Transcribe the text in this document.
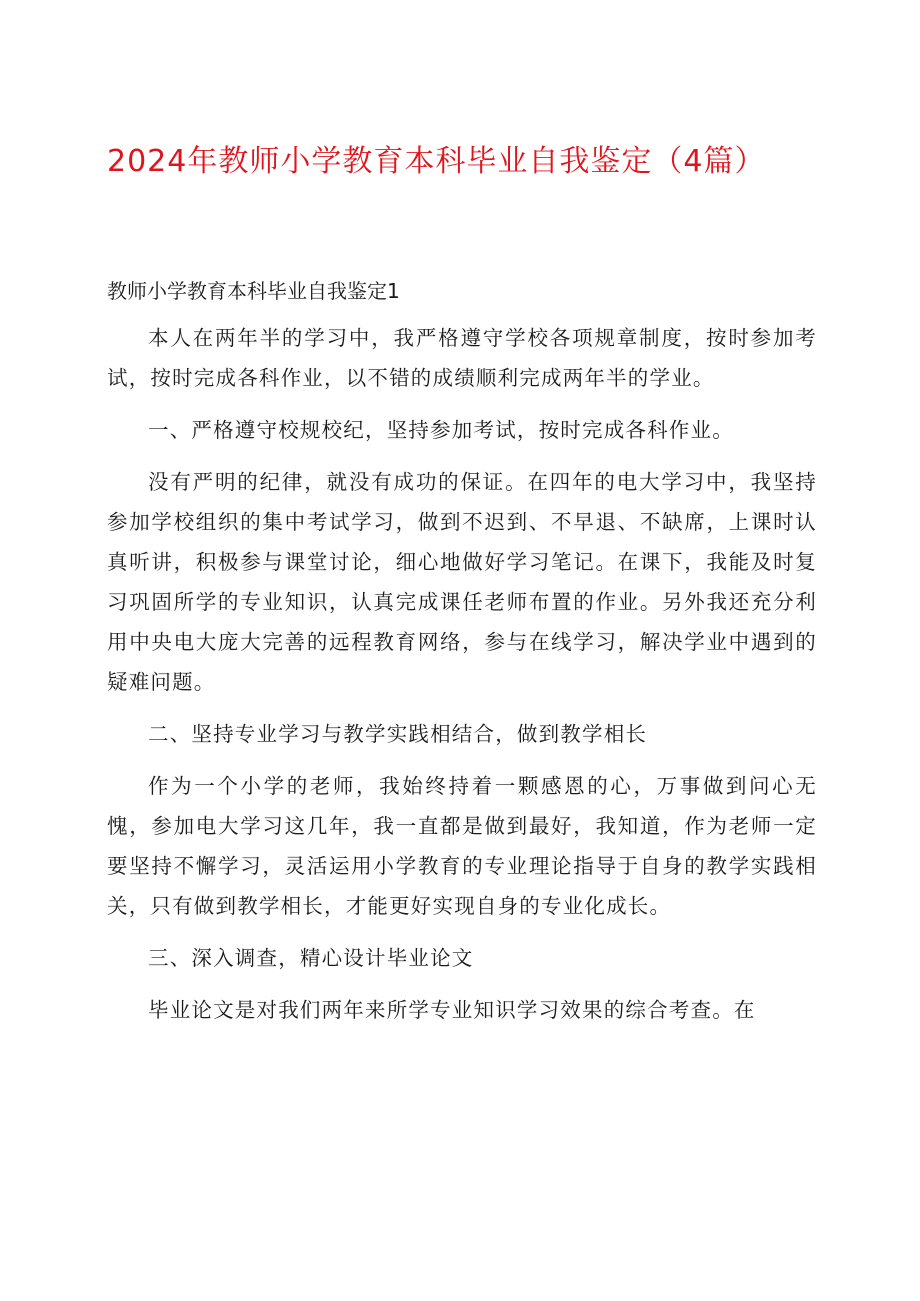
2024年教师小学教育本科毕业自我鉴定（4篇）
教师小学教育本科毕业自我鉴定1

本人在两年半的学习中，我严格遵守学校各项规章制度，按时参加考试，按时完成各科作业，以不错的成绩顺利完成两年半的学业。

一、严格遵守校规校纪，坚持参加考试，按时完成各科作业。

没有严明的纪律，就没有成功的保证。在四年的电大学习中，我坚持参加学校组织的集中考试学习，做到不迟到、不早退、不缺席，上课时认真听讲，积极参与课堂讨论，细心地做好学习笔记。在课下，我能及时复习巩固所学的专业知识，认真完成课任老师布置的作业。另外我还充分利用中央电大庞大完善的远程教育网络，参与在线学习，解决学业中遇到的疑难问题。

二、坚持专业学习与教学实践相结合，做到教学相长

作为一个小学的老师，我始终持着一颗感恩的心，万事做到问心无愧，参加电大学习这几年，我一直都是做到最好，我知道，作为老师一定要坚持不懈学习，灵活运用小学教育的专业理论指导于自身的教学实践相关，只有做到教学相长，才能更好实现自身的专业化成长。

三、深入调查，精心设计毕业论文

毕业论文是对我们两年来所学专业知识学习效果的综合考查。在
